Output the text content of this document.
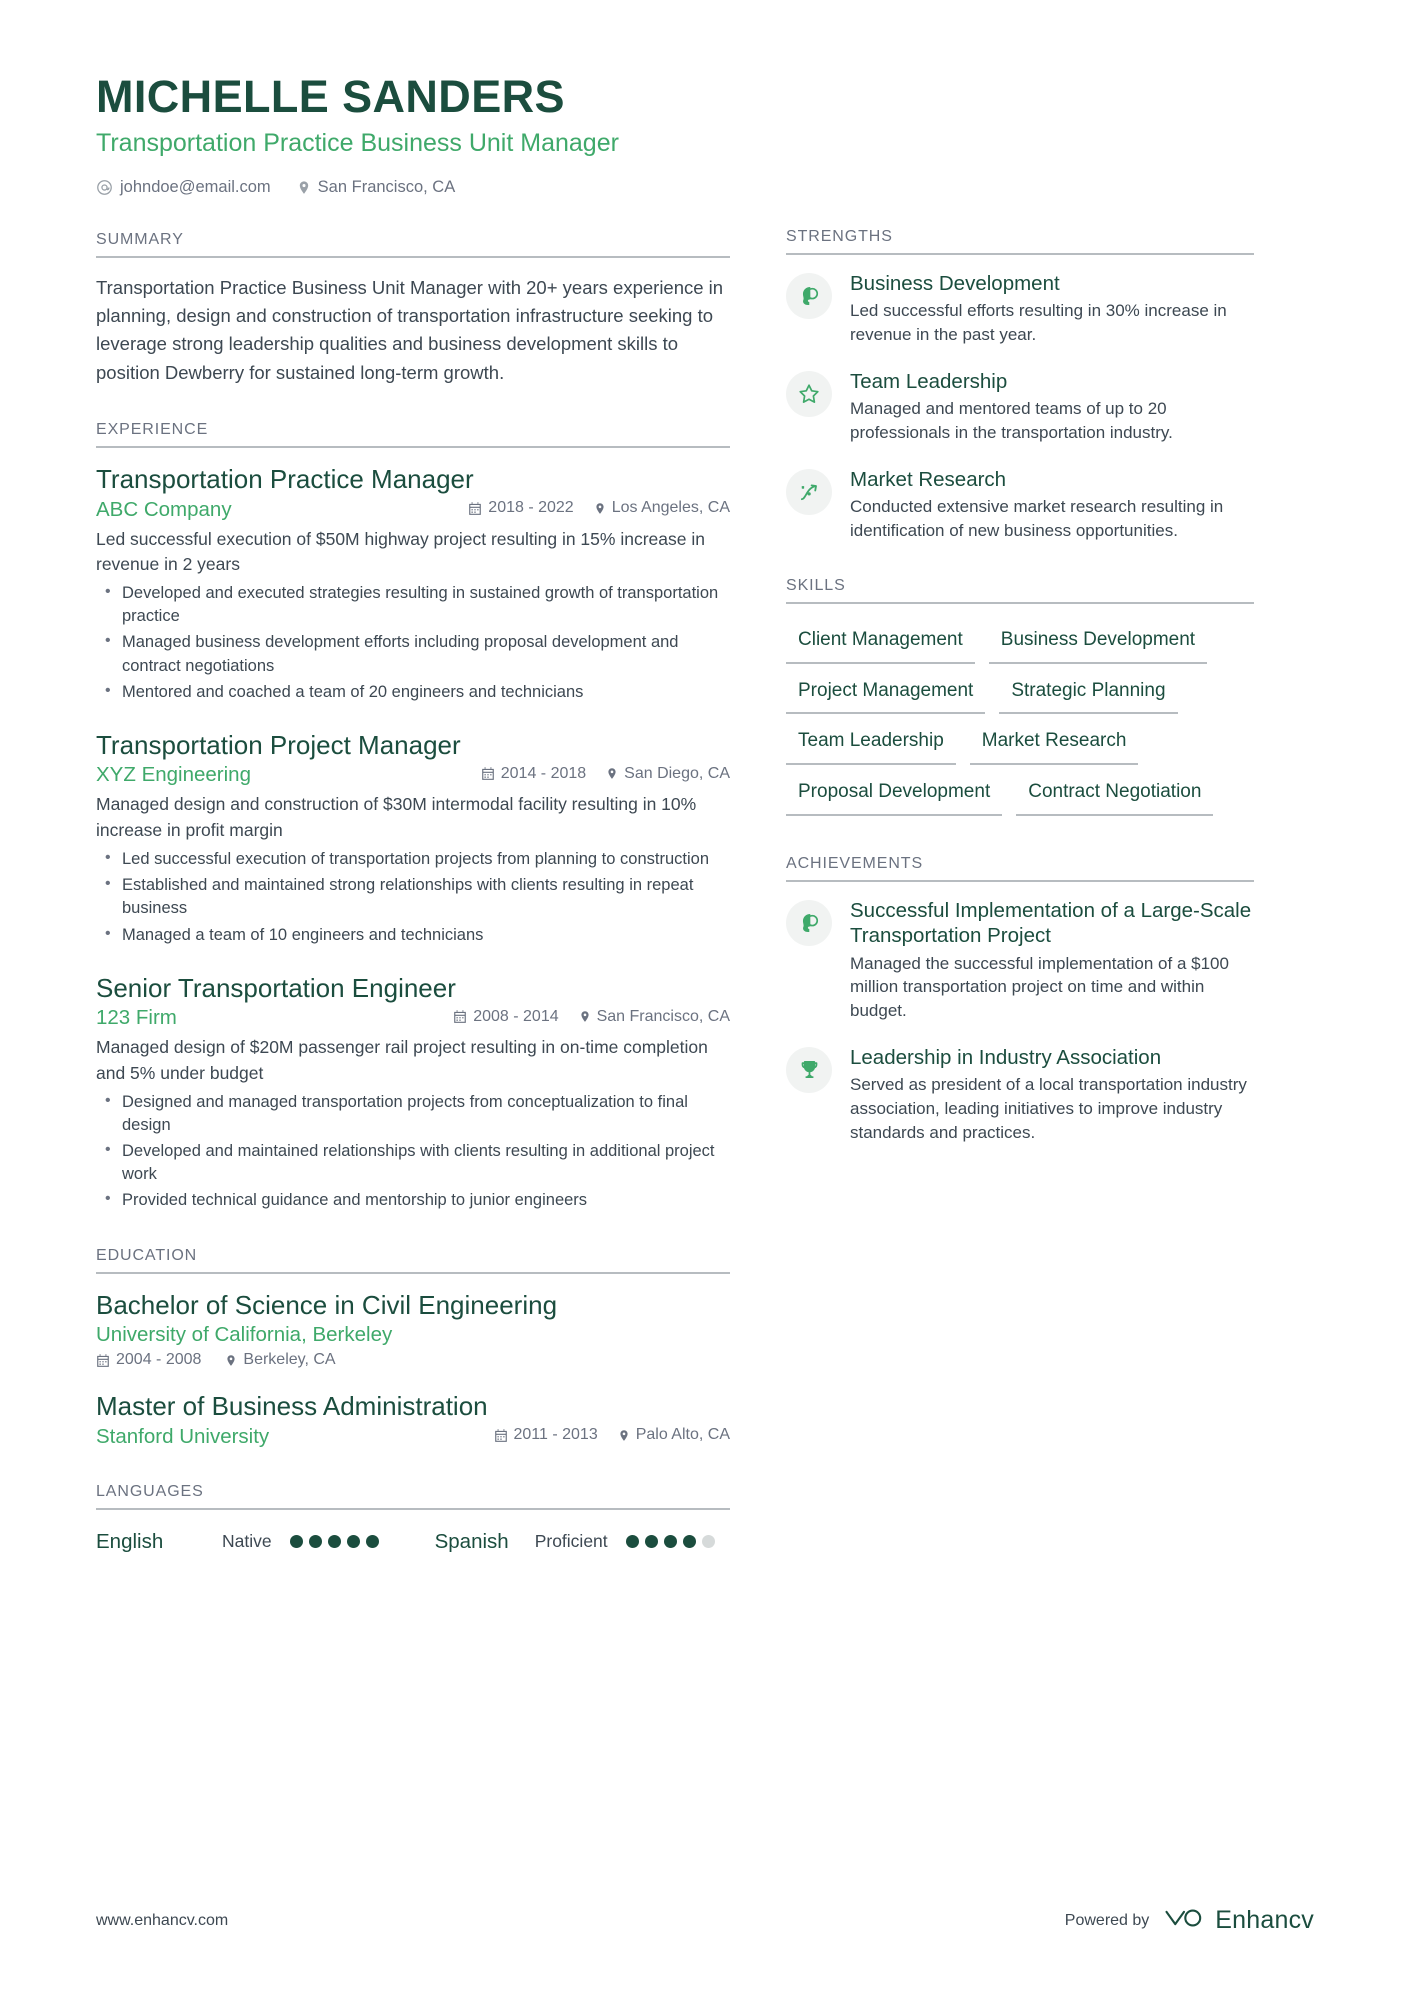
MICHELLE SANDERS
Transportation Practice Business Unit Manager
johndoe@email.com	San Francisco, CA
SUMMARY

Transportation Practice Business Unit Manager with 20+ years experience in planning, design and construction of transportation infrastructure seeking to leverage strong leadership qualities and business development skills to position Dewberry for sustained long-term growth.

EXPERIENCE
Transportation Practice Manager
ABC Company	2018 - 2022 Los Angeles, CA
Led successful execution of $50M highway project resulting in 15% increase in revenue in 2 years
• Developed and executed strategies resulting in sustained growth of transportation practice
• Managed business development efforts including proposal development and contract negotiations
• Mentored and coached a team of 20 engineers and technicians
Transportation Project Manager
XYZ Engineering	2014 - 2018 San Diego, CA
Managed design and construction of $30M intermodal facility resulting in 10% increase in profit margin
• Led successful execution of transportation projects from planning to construction
• Established and maintained strong relationships with clients resulting in repeat business
• Managed a team of 10 engineers and technicians
Senior Transportation Engineer
123 Firm	2008 - 2014 San Francisco, CA
Managed design of $20M passenger rail project resulting in on-time completion and 5% under budget
• Designed and managed transportation projects from conceptualization to final design
• Developed and maintained relationships with clients resulting in additional project work
• Provided technical guidance and mentorship to junior engineers
EDUCATION
Bachelor of Science in Civil Engineering
University of California, Berkeley
2004 - 2008	Berkeley, CA
Master of Business Administration
Stanford University	2011 - 2013 Palo Alto, CA
LANGUAGES
English	Native	Spanish Proficient
STRENGTHS
Business Development
Led successful efforts resulting in 30% increase in revenue in the past year.
Team Leadership
Managed and mentored teams of up to 20 professionals in the transportation industry.
Market Research
Conducted extensive market research resulting in identification of new business opportunities.
SKILLS
Client Management	Business Development
Project Management	Strategic Planning
Team Leadership	Market Research
Proposal Development	Contract Negotiation
ACHIEVEMENTS
Successful Implementation of a Large-Scale Transportation Project
Managed the successful implementation of a $100 million transportation project on time and within budget.
Leadership in Industry Association
Served as president of a local transportation industry association, leading initiatives to improve industry standards and practices.
www.enhancv.com	Powered by	Enhancv
